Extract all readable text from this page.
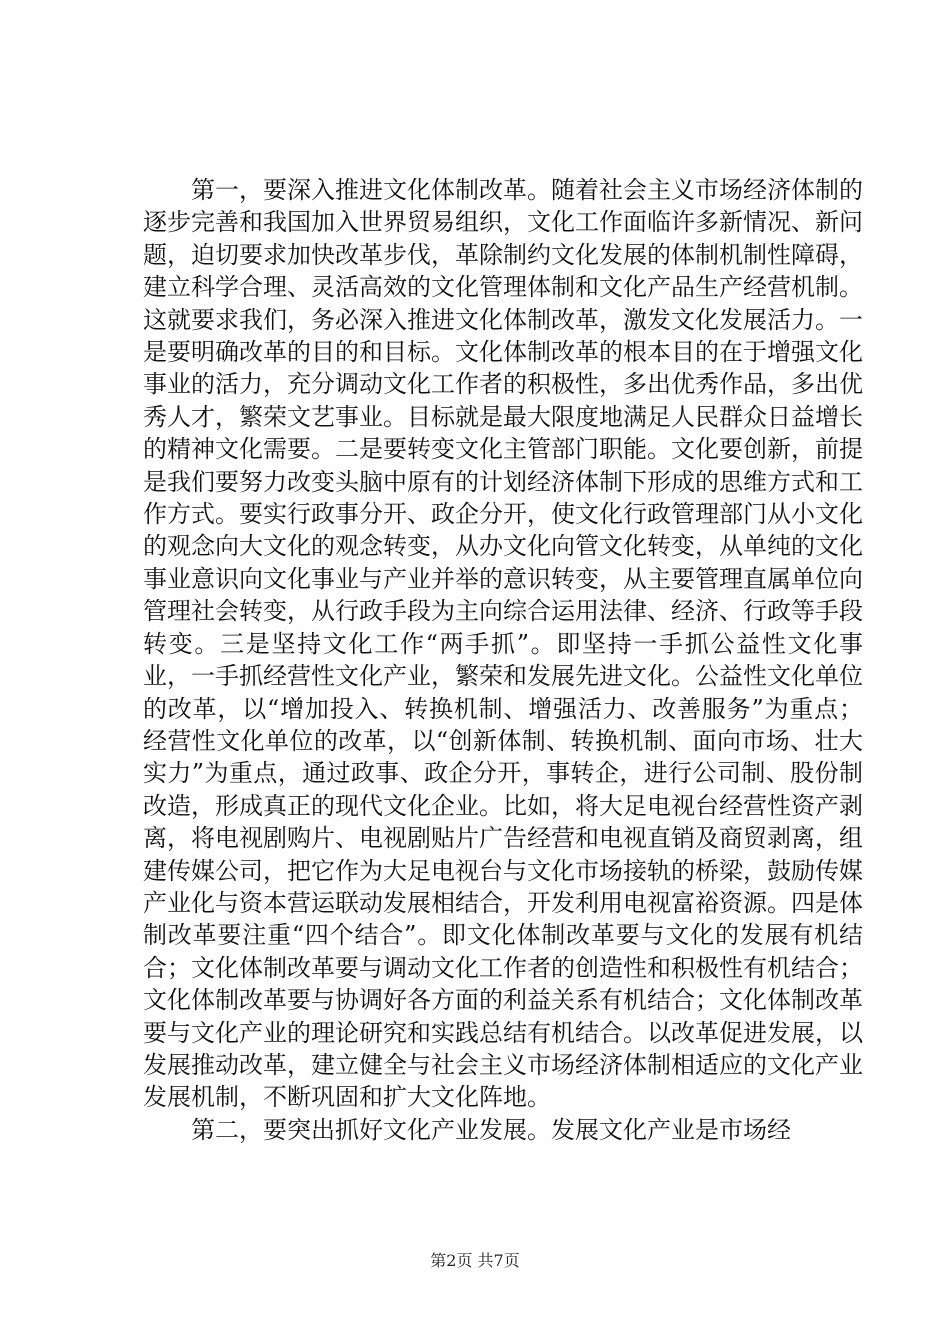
第一，要深入推进文化体制改革。随着社会主义市场经济体制的逐步完善和我国加入世界贸易组织，文化工作面临许多新情况、新问题，迫切要求加快改革步伐，革除制约文化发展的体制机制性障碍，建立科学合理、灵活高效的文化管理体制和文化产品生产经营机制。这就要求我们，务必深入推进文化体制改革，激发文化发展活力。一是要明确改革的目的和目标。文化体制改革的根本目的在于增强文化事业的活力，充分调动文化工作者的积极性，多出优秀作品，多出优秀人才，繁荣文艺事业。目标就是最大限度地满足人民群众日益增长的精神文化需要。二是要转变文化主管部门职能。文化要创新，前提是我们要努力改变头脑中原有的计划经济体制下形成的思维方式和工作方式。要实行政事分开、政企分开，使文化行政管理部门从小文化的观念向大文化的观念转变，从办文化向管文化转变，从单纯的文化事业意识向文化事业与产业并举的意识转变，从主要管理直属单位向管理社会转变，从行政手段为主向综合运用法律、经济、行政等手段转变。三是坚持文化工作“两手抓”。即坚持一手抓公益性文化事业，一手抓经营性文化产业，繁荣和发展先进文化。公益性文化单位的改革，以“增加投入、转换机制、增强活力、改善服务”为重点；经营性文化单位的改革，以“创新体制、转换机制、面向市场、壮大实力”为重点，通过政事、政企分开，事转企，进行公司制、股份制改造，形成真正的现代文化企业。比如，将大足电视台经营性资产剥离，将电视剧购片、电视剧贴片广告经营和电视直销及商贸剥离，组建传媒公司，把它作为大足电视台与文化市场接轨的桥梁，鼓励传媒产业化与资本营运联动发展相结合，开发利用电视富裕资源。四是体制改革要注重“四个结合”。即文化体制改革要与文化的发展有机结合；文化体制改革要与调动文化工作者的创造性和积极性有机结合；文化体制改革要与协调好各方面的利益关系有机结合；文化体制改革要与文化产业的理论研究和实践总结有机结合。以改革促进发展，以发展推动改革，建立健全与社会主义市场经济体制相适应的文化产业发展机制，不断巩固和扩大文化阵地。

第二，要突出抓好文化产业发展。发展文化产业是市场经

第2页 共7页
